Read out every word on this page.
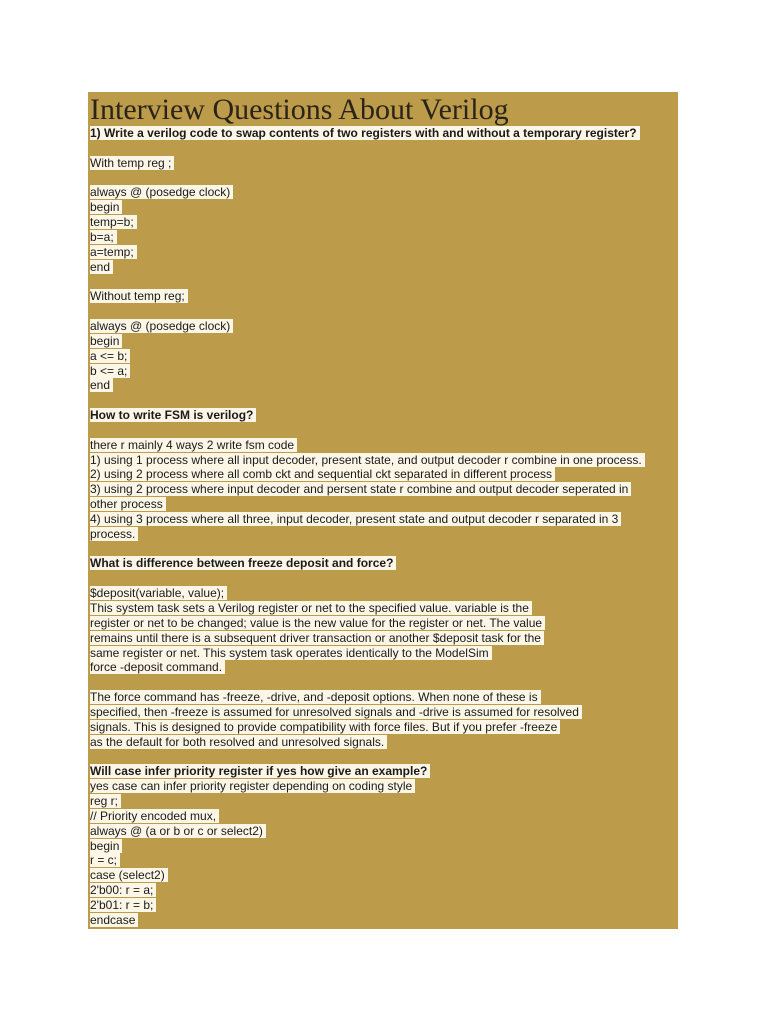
Interview Questions About Verilog
1) Write a verilog code to swap contents of two registers with and without a temporary register?
With temp reg ;
always @ (posedge clock)
begin
temp=b;
b=a;
a=temp;
end
Without temp reg;
always @ (posedge clock)
begin
a <= b;
b <= a;
end
How to write FSM is verilog?
there r mainly 4 ways 2 write fsm code
1) using 1 process where all input decoder, present state, and output decoder r combine in one process.
2) using 2 process where all comb ckt and sequential ckt separated in different process
3) using 2 process where input decoder and persent state r combine and output decoder seperated in
other process
4) using 3 process where all three, input decoder, present state and output decoder r separated in 3
process.
What is difference between freeze deposit and force?
$deposit(variable, value);
This system task sets a Verilog register or net to the specified value. variable is the
register or net to be changed; value is the new value for the register or net. The value
remains until there is a subsequent driver transaction or another $deposit task for the
same register or net. This system task operates identically to the ModelSim
force -deposit command.
The force command has -freeze, -drive, and -deposit options. When none of these is
specified, then -freeze is assumed for unresolved signals and -drive is assumed for resolved
signals. This is designed to provide compatibility with force files. But if you prefer -freeze
as the default for both resolved and unresolved signals.
Will case infer priority register if yes how give an example?
yes case can infer priority register depending on coding style
reg r;
// Priority encoded mux,
always @ (a or b or c or select2)
begin
r = c;
case (select2)
2'b00: r = a;
2'b01: r = b;
endcase
